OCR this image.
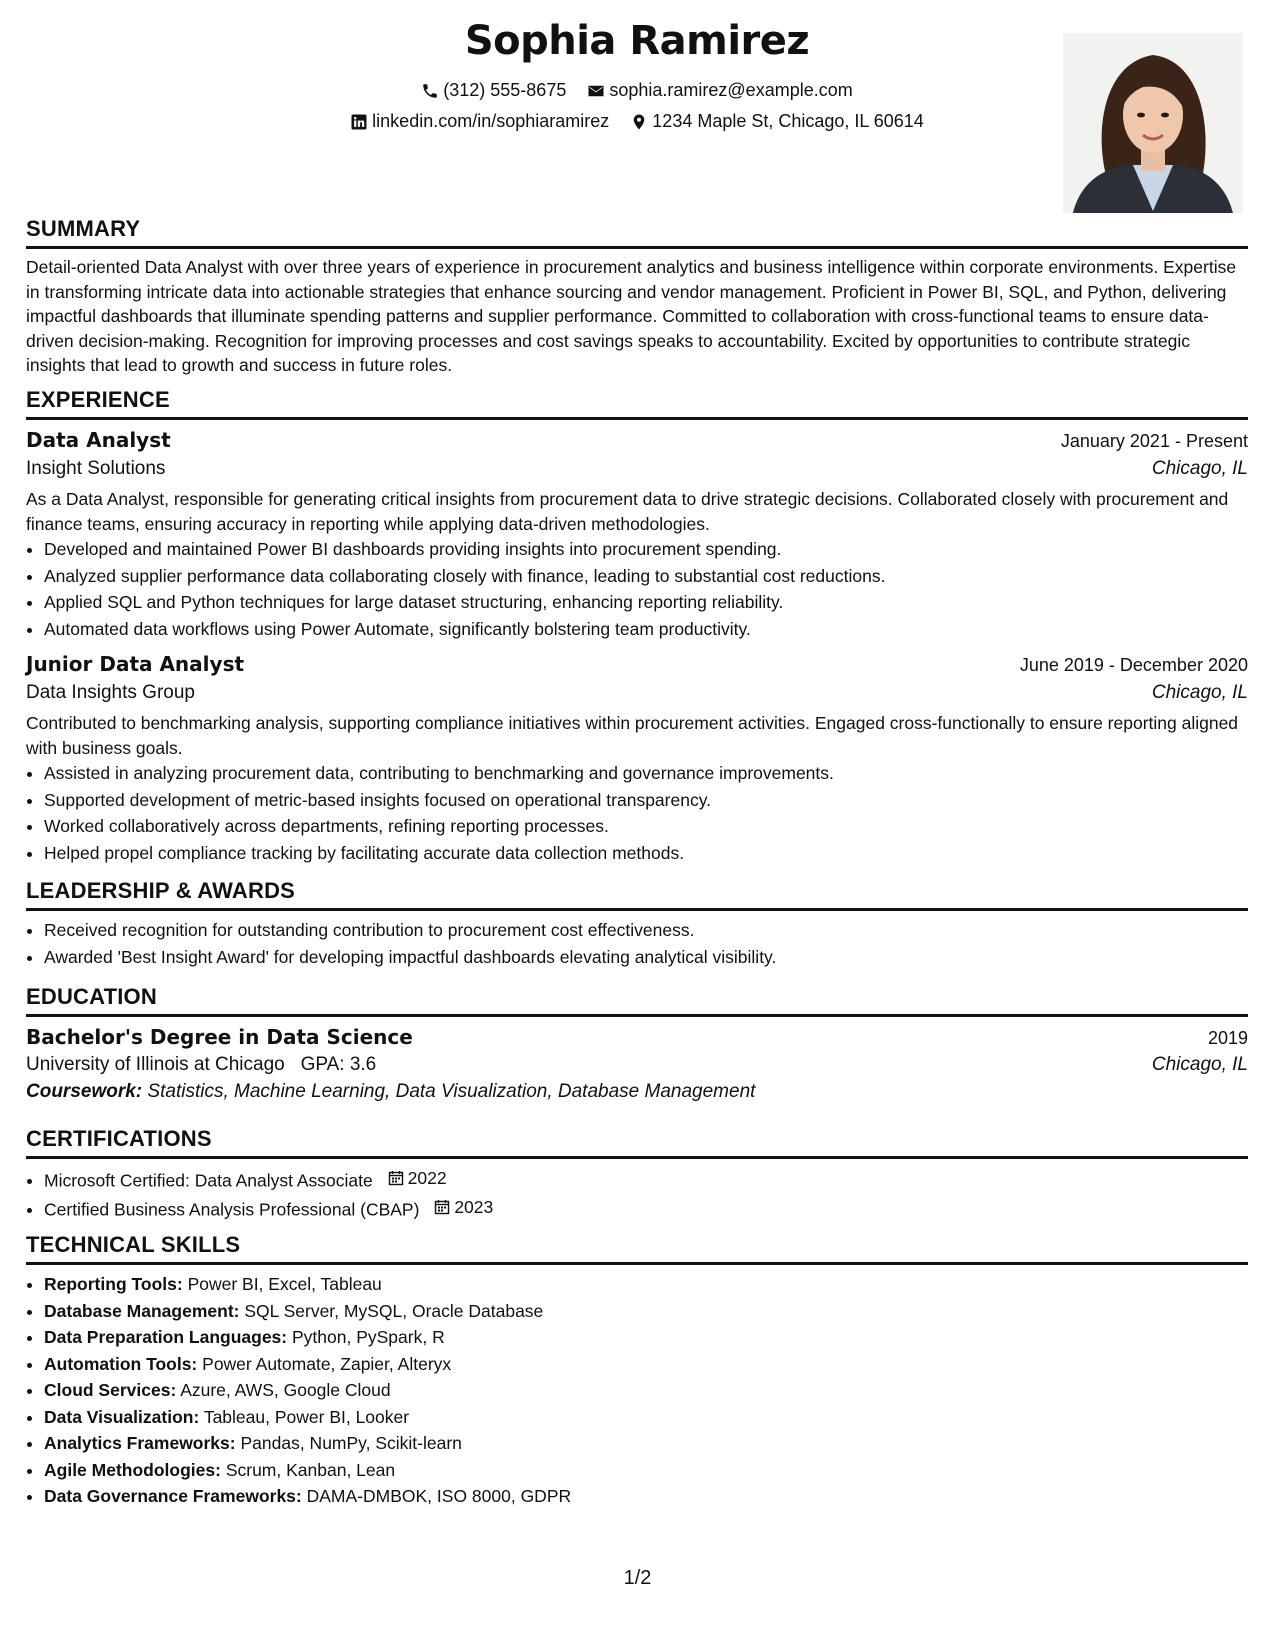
Sophia Ramirez
(312) 555-8675
sophia.ramirez@example.com
linkedin.com/in/sophiaramirez
1234 Maple St, Chicago, IL 60614
SUMMARY

Detail-oriented Data Analyst with over three years of experience in procurement analytics and business intelligence within corporate environments. Expertise in transforming intricate data into actionable strategies that enhance sourcing and vendor management. Proficient in Power BI, SQL, and Python, delivering impactful dashboards that illuminate spending patterns and supplier performance. Committed to collaboration with cross-functional teams to ensure data-driven decision-making. Recognition for improving processes and cost savings speaks to accountability. Excited by opportunities to contribute strategic insights that lead to growth and success in future roles.

EXPERIENCE
Data Analyst	January 2021 - Present
Insight Solutions	Chicago, IL

As a Data Analyst, responsible for generating critical insights from procurement data to drive strategic decisions. Collaborated closely with procurement and finance teams, ensuring accuracy in reporting while applying data-driven methodologies.

• Developed and maintained Power BI dashboards providing insights into procurement spending.
• Analyzed supplier performance data collaborating closely with finance, leading to substantial cost reductions.
• Applied SQL and Python techniques for large dataset structuring, enhancing reporting reliability.
• Automated data workflows using Power Automate, significantly bolstering team productivity.
Junior Data Analyst	June 2019 - December 2020
Data Insights Group	Chicago, IL

Contributed to benchmarking analysis, supporting compliance initiatives within procurement activities. Engaged cross-functionally to ensure reporting aligned with business goals.

• Assisted in analyzing procurement data, contributing to benchmarking and governance improvements.
• Supported development of metric-based insights focused on operational transparency.
• Worked collaboratively across departments, refining reporting processes.
• Helped propel compliance tracking by facilitating accurate data collection methods.
LEADERSHIP & AWARDS
• Received recognition for outstanding contribution to procurement cost effectiveness.
• Awarded 'Best Insight Award' for developing impactful dashboards elevating analytical visibility.
EDUCATION
Bachelor's Degree in Data Science	2019
University of Illinois at Chicago GPA: 3.6	Chicago, IL
Coursework: Statistics, Machine Learning, Data Visualization, Database Management
CERTIFICATIONS
• Microsoft Certified: Data Analyst Associate 2022
• Certified Business Analysis Professional (CBAP) 2023
TECHNICAL SKILLS
• Reporting Tools: Power BI, Excel, Tableau
• Database Management: SQL Server, MySQL, Oracle Database
• Data Preparation Languages: Python, PySpark, R
• Automation Tools: Power Automate, Zapier, Alteryx
• Cloud Services: Azure, AWS, Google Cloud
• Data Visualization: Tableau, Power BI, Looker
• Analytics Frameworks: Pandas, NumPy, Scikit-learn
• Agile Methodologies: Scrum, Kanban, Lean
• Data Governance Frameworks: DAMA-DMBOK, ISO 8000, GDPR
1/2
